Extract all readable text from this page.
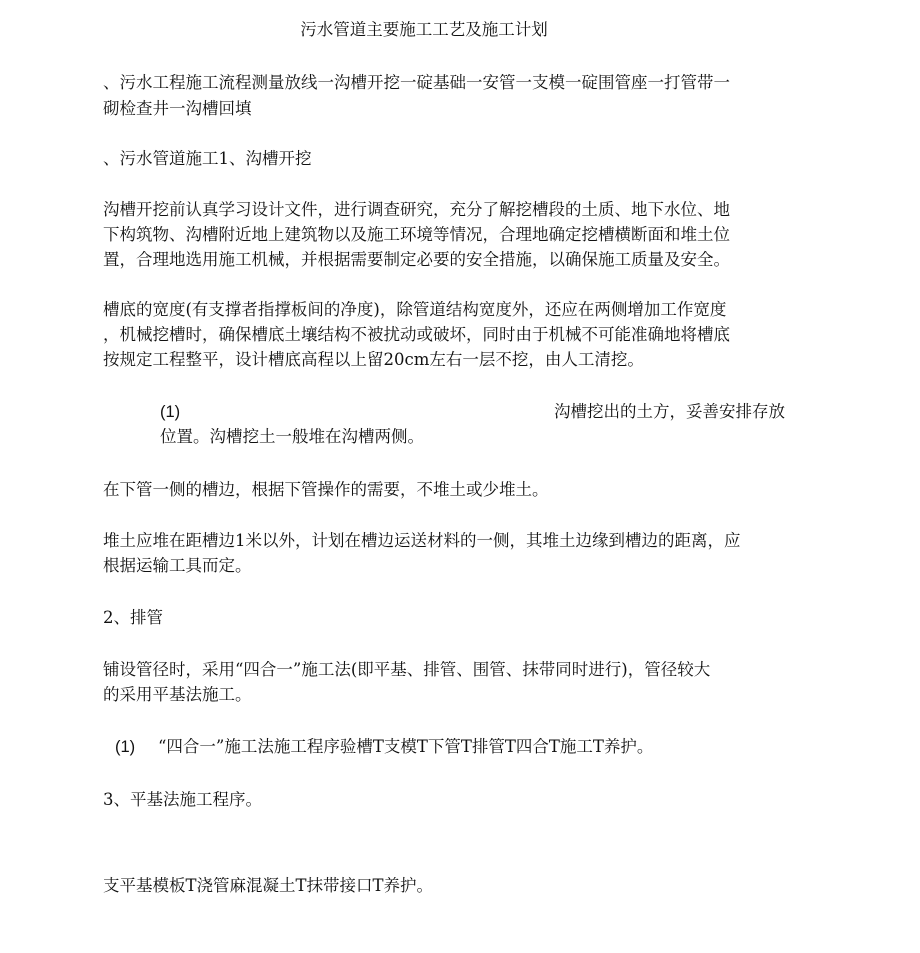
污水管道主要施工工艺及施工计划
、污水工程施工流程测量放线一沟槽开挖一碇基础一安管一支模一碇围管座一打管带一
砌检查井一沟槽回填
、污水管道施工1、沟槽开挖
沟槽开挖前认真学习设计文件，进行调查研究，充分了解挖槽段的土质、地下水位、地
下构筑物、沟槽附近地上建筑物以及施工环境等情况，合理地确定挖槽横断面和堆土位
置，合理地选用施工机械，并根据需要制定必要的安全措施，以确保施工质量及安全。
槽底的宽度(有支撑者指撑板间的净度)，除管道结构宽度外，还应在两侧增加工作宽度
，机械挖槽时，确保槽底土壤结构不被扰动或破坏，同时由于机械不可能准确地将槽底
按规定工程整平，设计槽底高程以上留20cm左右一层不挖，由人工清挖。
(1)	沟槽挖出的土方，妥善安排存放
位置。沟槽挖土一般堆在沟槽两侧。
在下管一侧的槽边，根据下管操作的需要，不堆土或少堆土。
堆土应堆在距槽边1米以外，计划在槽边运送材料的一侧，其堆土边缘到槽边的距离，应
根据运输工具而定。
2、排管
铺设管径时，采用“四合一”施工法(即平基、排管、围管、抹带同时进行)，管径较大
的采用平基法施工。
(1) “四合一”施工法施工程序验槽T支模T下管T排管T四合T施工T养护。
3、平基法施工程序。
支平基模板T浇管麻混凝土T抹带接口T养护。
